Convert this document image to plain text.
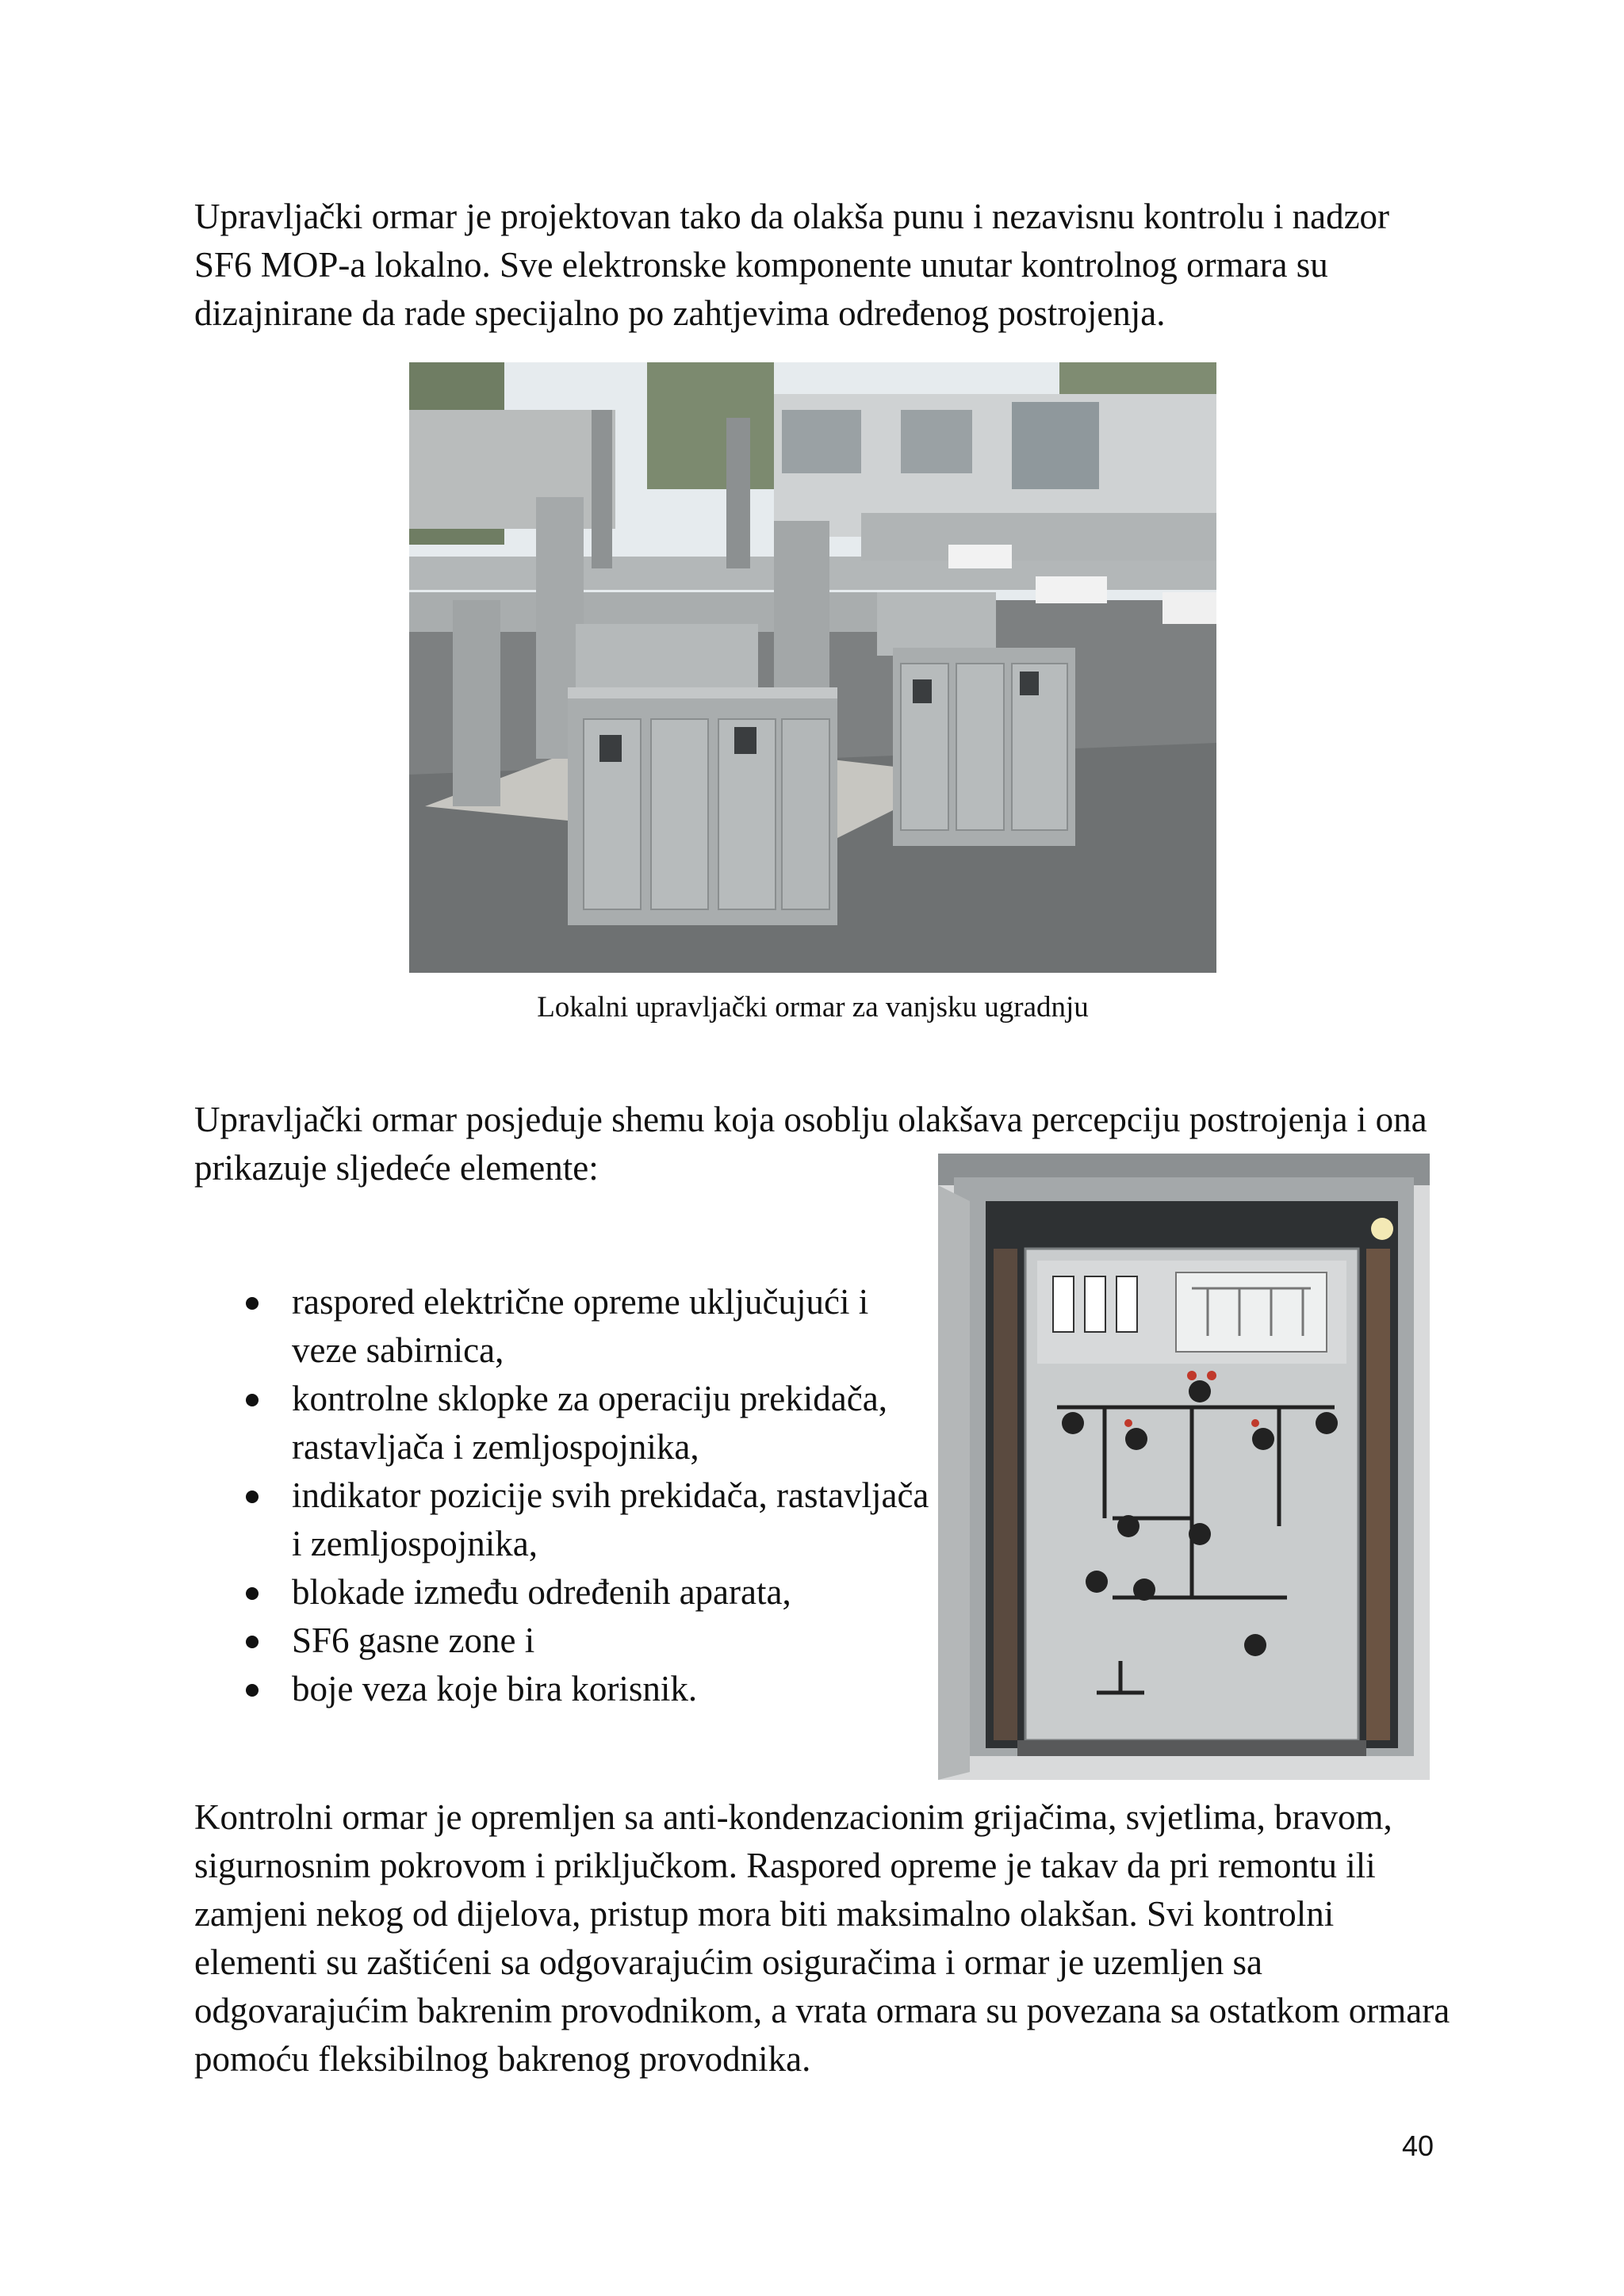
Upravljački ormar je projektovan tako da olakša punu i nezavisnu kontrolu i nadzor SF6 MOP-a lokalno. Sve elektronske komponente unutar kontrolnog ormara su dizajnirane da rade specijalno po zahtjevima određenog postrojenja.

Lokalni upravljački ormar za vanjsku ugradnju

Upravljački ormar posjeduje shemu koja osoblju olakšava percepciju postrojenja i ona prikazuje sljedeće elemente:

raspored električne opreme uključujući i veze sabirnica,
kontrolne sklopke za operaciju prekidača, rastavljača i zemljospojnika,
indikator pozicije svih prekidača, rastavljača i zemljospojnika,
blokade između određenih aparata,
SF6 gasne zone i
boje veza koje bira korisnik.

Kontrolni ormar je opremljen sa anti-kondenzacionim grijačima, svjetlima, bravom, sigurnosnim pokrovom i priključkom. Raspored opreme je takav da pri remontu ili zamjeni nekog od dijelova, pristup mora biti maksimalno olakšan. Svi kontrolni elementi su zaštićeni sa odgovarajućim osiguračima i ormar je uzemljen sa odgovarajućim bakrenim provodnikom, a vrata ormara su povezana sa ostatkom ormara pomoću fleksibilnog bakrenog provodnika.

40
